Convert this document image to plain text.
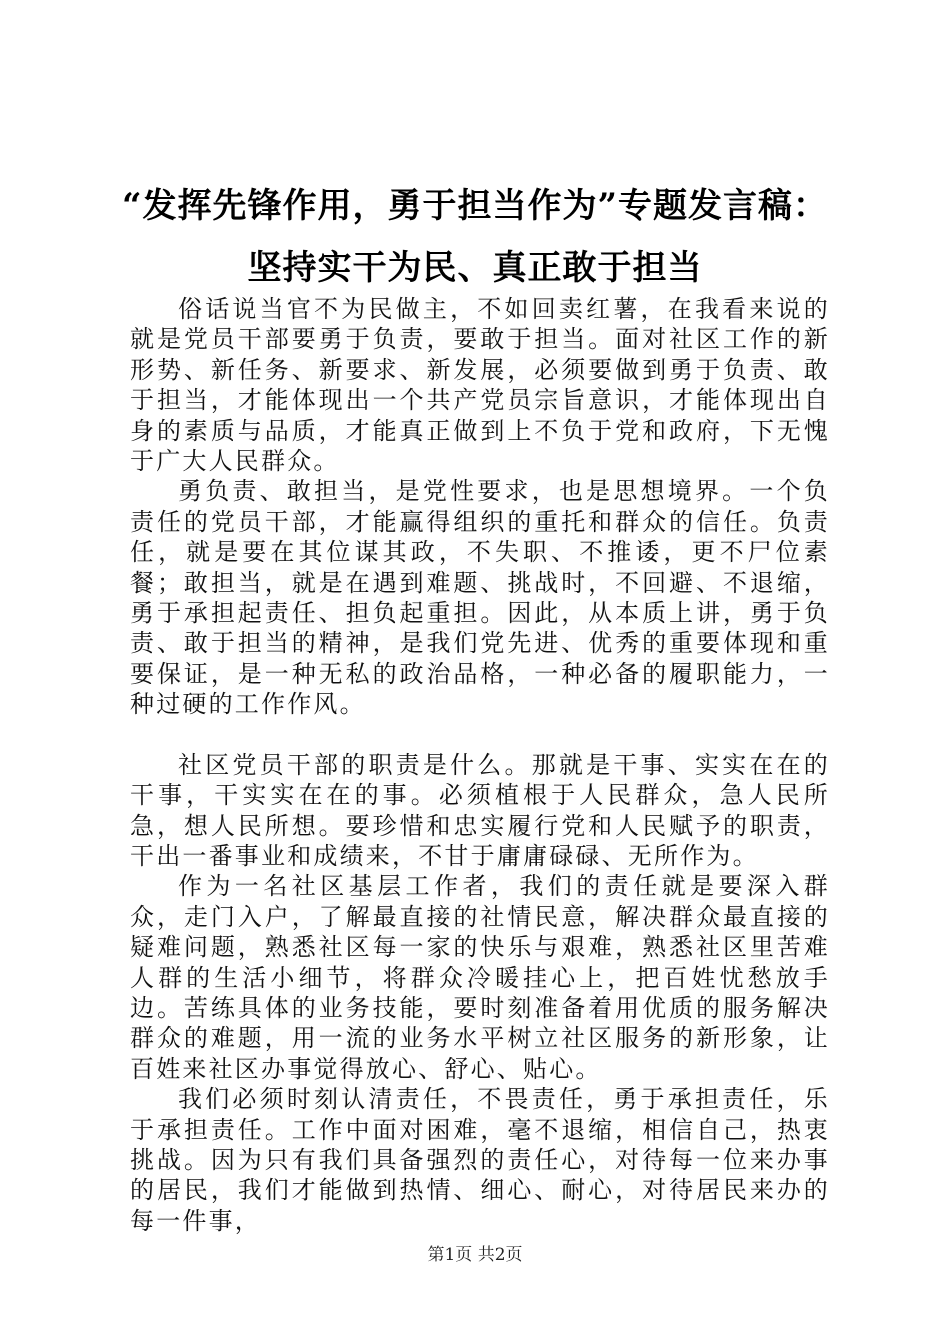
“发挥先锋作用，勇于担当作为”专题发言稿：
坚持实干为民、真正敢于担当

俗话说当官不为民做主，不如回卖红薯，在我看来说的就是党员干部要勇于负责，要敢于担当。面对社区工作的新形势、新任务、新要求、新发展，必须要做到勇于负责、敢于担当，才能体现出一个共产党员宗旨意识，才能体现出自身的素质与品质，才能真正做到上不负于党和政府，下无愧于广大人民群众。

勇负责、敢担当，是党性要求，也是思想境界。一个负责任的党员干部，才能赢得组织的重托和群众的信任。负责任，就是要在其位谋其政，不失职、不推诿，更不尸位素餐；敢担当，就是在遇到难题、挑战时，不回避、不退缩，勇于承担起责任、担负起重担。因此，从本质上讲，勇于负责、敢于担当的精神，是我们党先进、优秀的重要体现和重要保证，是一种无私的政治品格，一种必备的履职能力，一种过硬的工作作风。

社区党员干部的职责是什么。那就是干事、实实在在的干事，干实实在在的事。必须植根于人民群众，急人民所急，想人民所想。要珍惜和忠实履行党和人民赋予的职责，干出一番事业和成绩来，不甘于庸庸碌碌、无所作为。

作为一名社区基层工作者，我们的责任就是要深入群众，走门入户，了解最直接的社情民意，解决群众最直接的疑难问题，熟悉社区每一家的快乐与艰难，熟悉社区里苦难人群的生活小细节，将群众冷暖挂心上，把百姓忧愁放手边。苦练具体的业务技能，要时刻准备着用优质的服务解决群众的难题，用一流的业务水平树立社区服务的新形象，让百姓来社区办事觉得放心、舒心、贴心。

我们必须时刻认清责任，不畏责任，勇于承担责任，乐于承担责任。工作中面对困难，毫不退缩，相信自己，热衷挑战。因为只有我们具备强烈的责任心，对待每一位来办事的居民，我们才能做到热情、细心、耐心，对待居民来办的每一件事，

第1页 共2页
